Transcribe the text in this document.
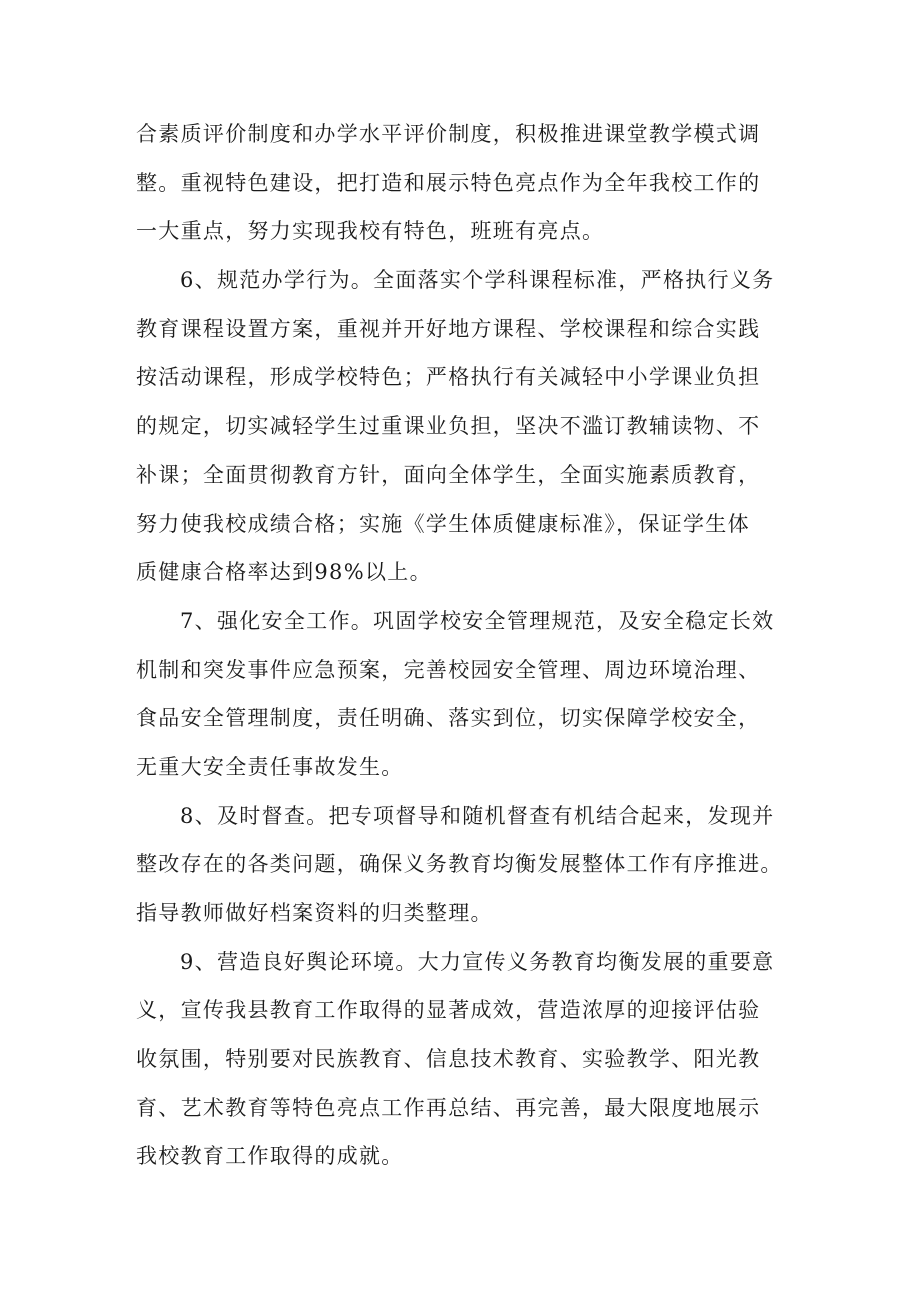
合素质评价制度和办学水平评价制度，积极推进课堂教学模式调
整。重视特色建设，把打造和展示特色亮点作为全年我校工作的
一大重点，努力实现我校有特色，班班有亮点。
6、规范办学行为。全面落实个学科课程标准，严格执行义务
教育课程设置方案，重视并开好地方课程、学校课程和综合实践
按活动课程，形成学校特色；严格执行有关减轻中小学课业负担
的规定，切实减轻学生过重课业负担，坚决不滥订教辅读物、不
补课；全面贯彻教育方针，面向全体学生，全面实施素质教育，
努力使我校成绩合格；实施《学生体质健康标准》，保证学生体
质健康合格率达到98%以上。
7、强化安全工作。巩固学校安全管理规范，及安全稳定长效
机制和突发事件应急预案，完善校园安全管理、周边环境治理、
食品安全管理制度，责任明确、落实到位，切实保障学校安全，
无重大安全责任事故发生。
8、及时督查。把专项督导和随机督查有机结合起来，发现并
整改存在的各类问题，确保义务教育均衡发展整体工作有序推进。
指导教师做好档案资料的归类整理。
9、营造良好舆论环境。大力宣传义务教育均衡发展的重要意
义，宣传我县教育工作取得的显著成效，营造浓厚的迎接评估验
收氛围，特别要对民族教育、信息技术教育、实验教学、阳光教
育、艺术教育等特色亮点工作再总结、再完善，最大限度地展示
我校教育工作取得的成就。
